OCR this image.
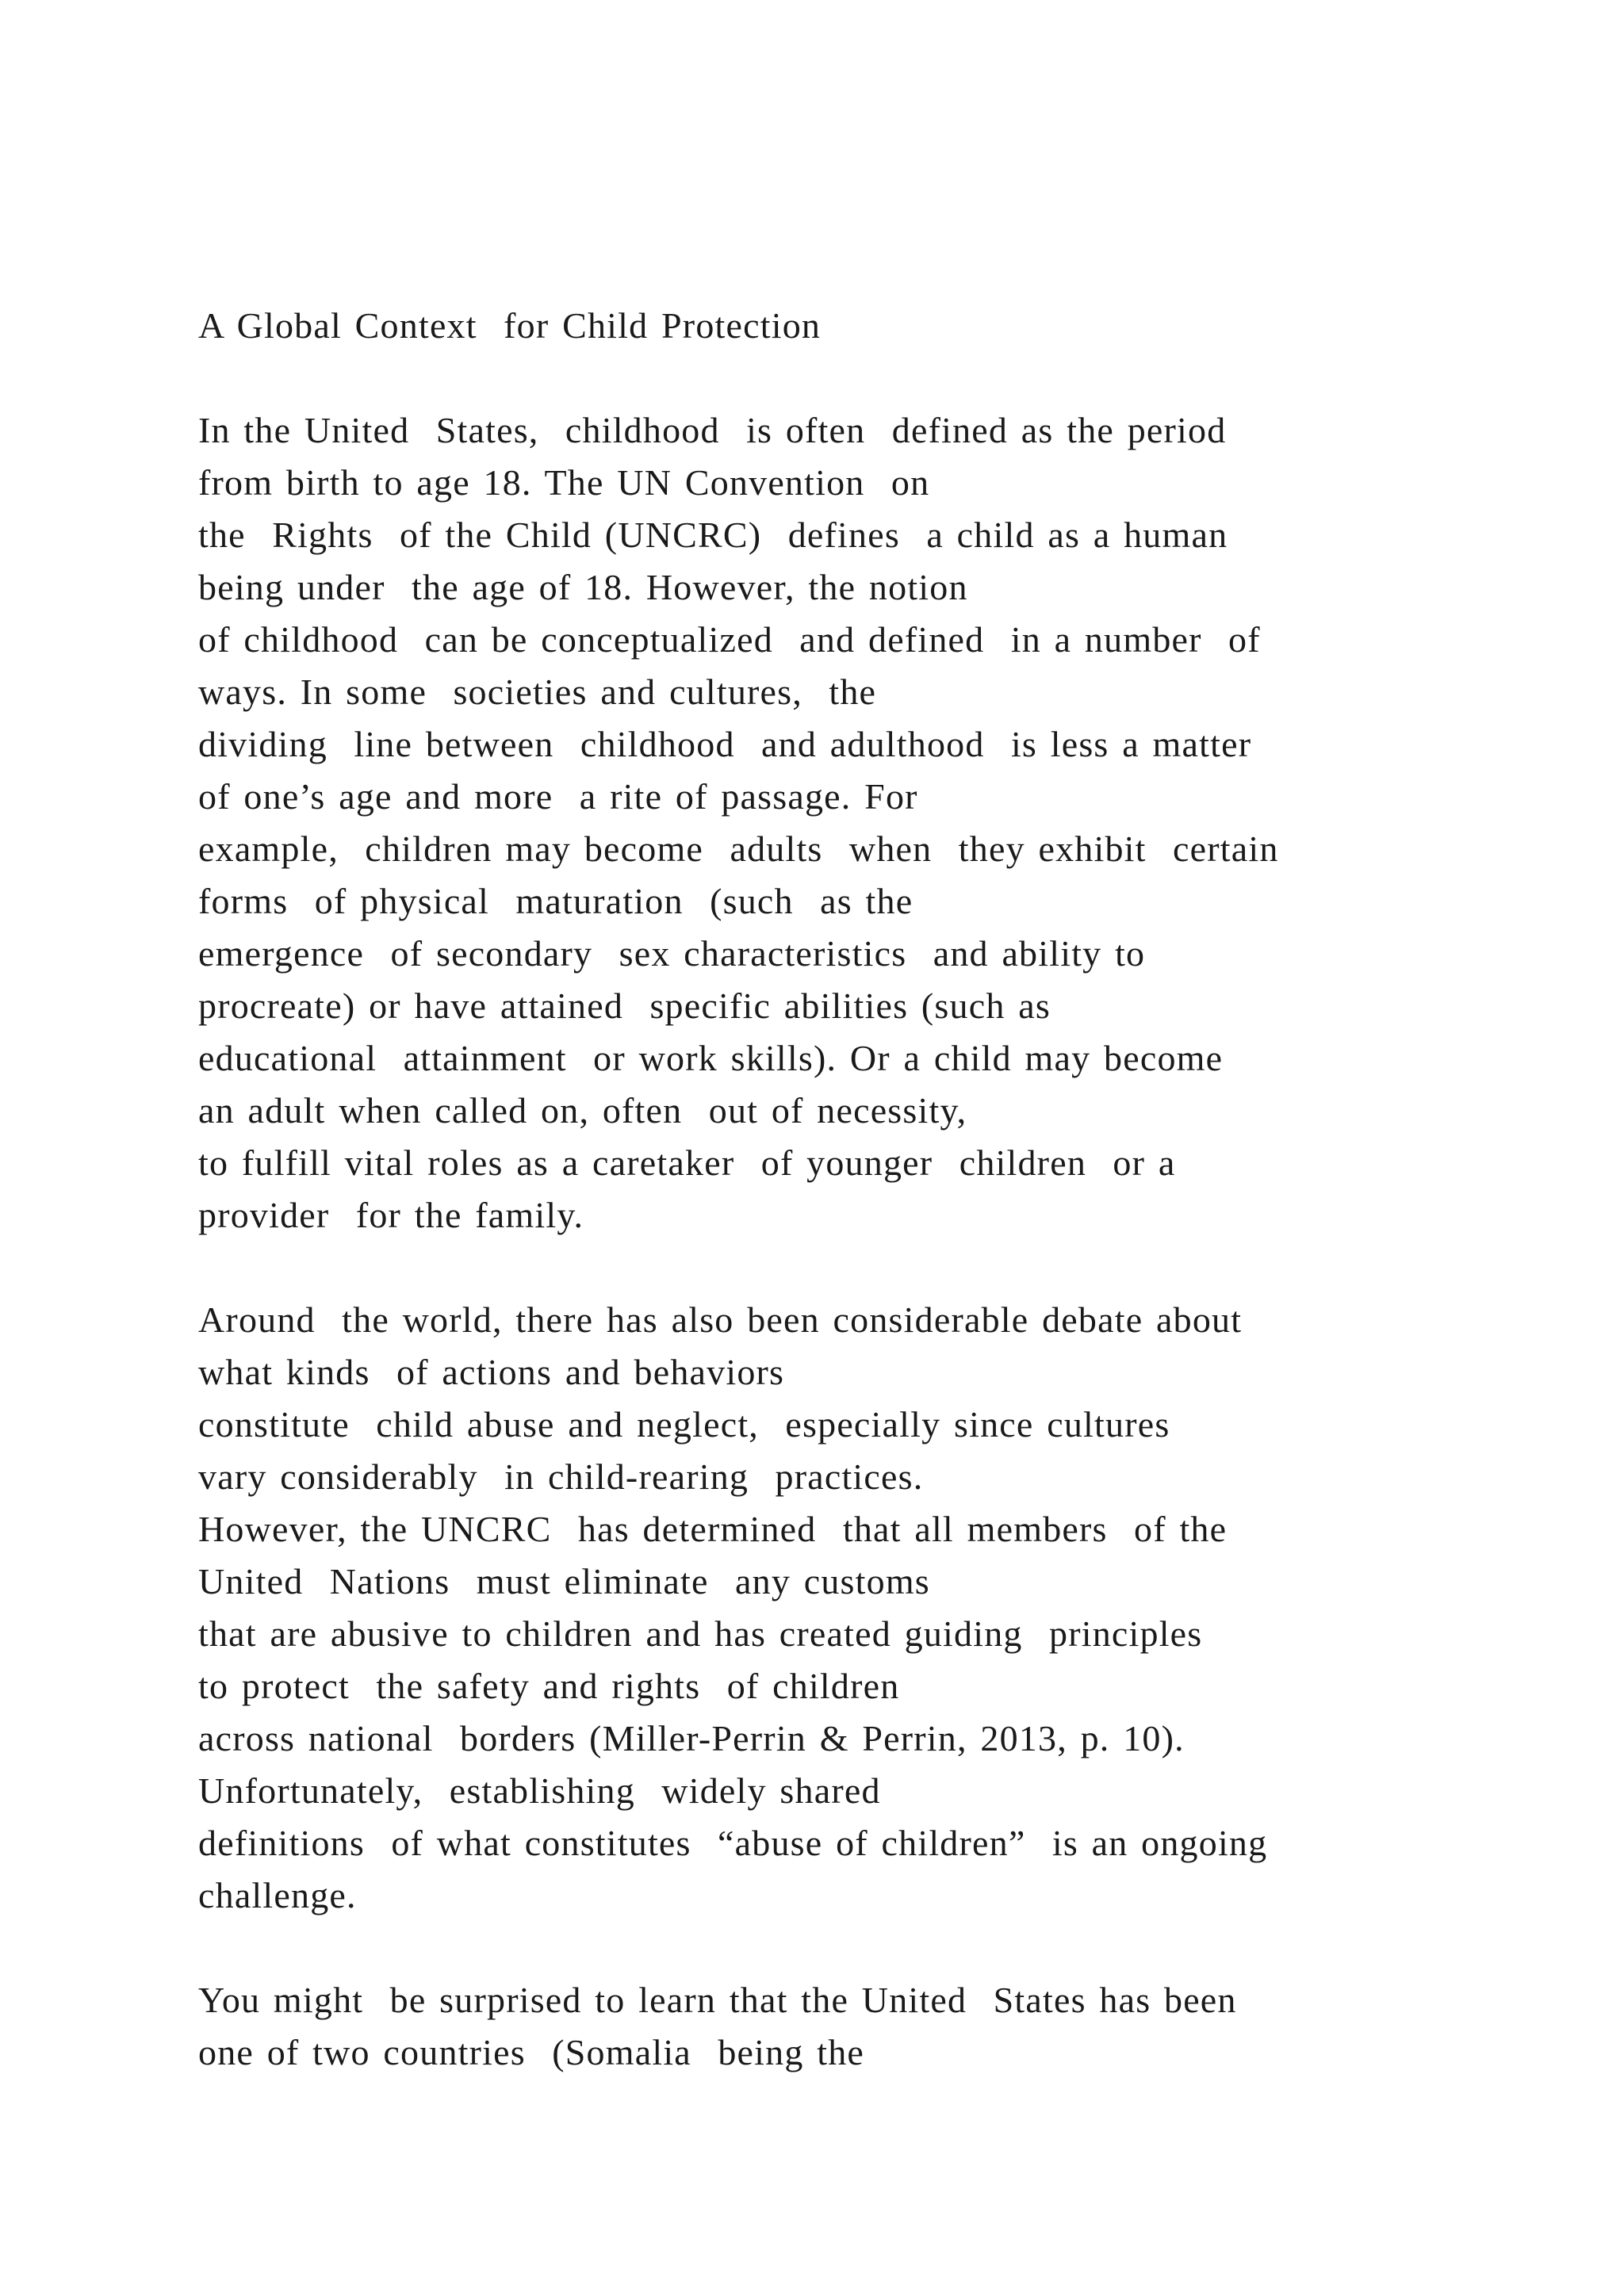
A Global Context  for Child Protection
In the United  States,  childhood  is often  defined as the period
from birth to age 18. The UN Convention  on
the  Rights  of the Child (UNCRC)  defines  a child as a human
being under  the age of 18. However, the notion
of childhood  can be conceptualized  and defined  in a number  of
ways. In some  societies and cultures,  the
dividing  line between  childhood  and adulthood  is less a matter
of one’s age and more  a rite of passage. For
example,  children may become  adults  when  they exhibit  certain
forms  of physical  maturation  (such  as the
emergence  of secondary  sex characteristics  and ability to
procreate) or have attained  specific abilities (such as
educational  attainment  or work skills). Or a child may become
an adult when called on, often  out of necessity,
to fulfill vital roles as a caretaker  of younger  children  or a
provider  for the family.
Around  the world, there has also been considerable debate about
what kinds  of actions and behaviors
constitute  child abuse and neglect,  especially since cultures
vary considerably  in child-rearing  practices.
However, the UNCRC  has determined  that all members  of the
United  Nations  must eliminate  any customs
that are abusive to children and has created guiding  principles
to protect  the safety and rights  of children
across national  borders (Miller-Perrin & Perrin, 2013, p. 10).
Unfortunately,  establishing  widely shared
definitions  of what constitutes  “abuse of children”  is an ongoing
challenge.
You might  be surprised to learn that the United  States has been
one of two countries  (Somalia  being the
